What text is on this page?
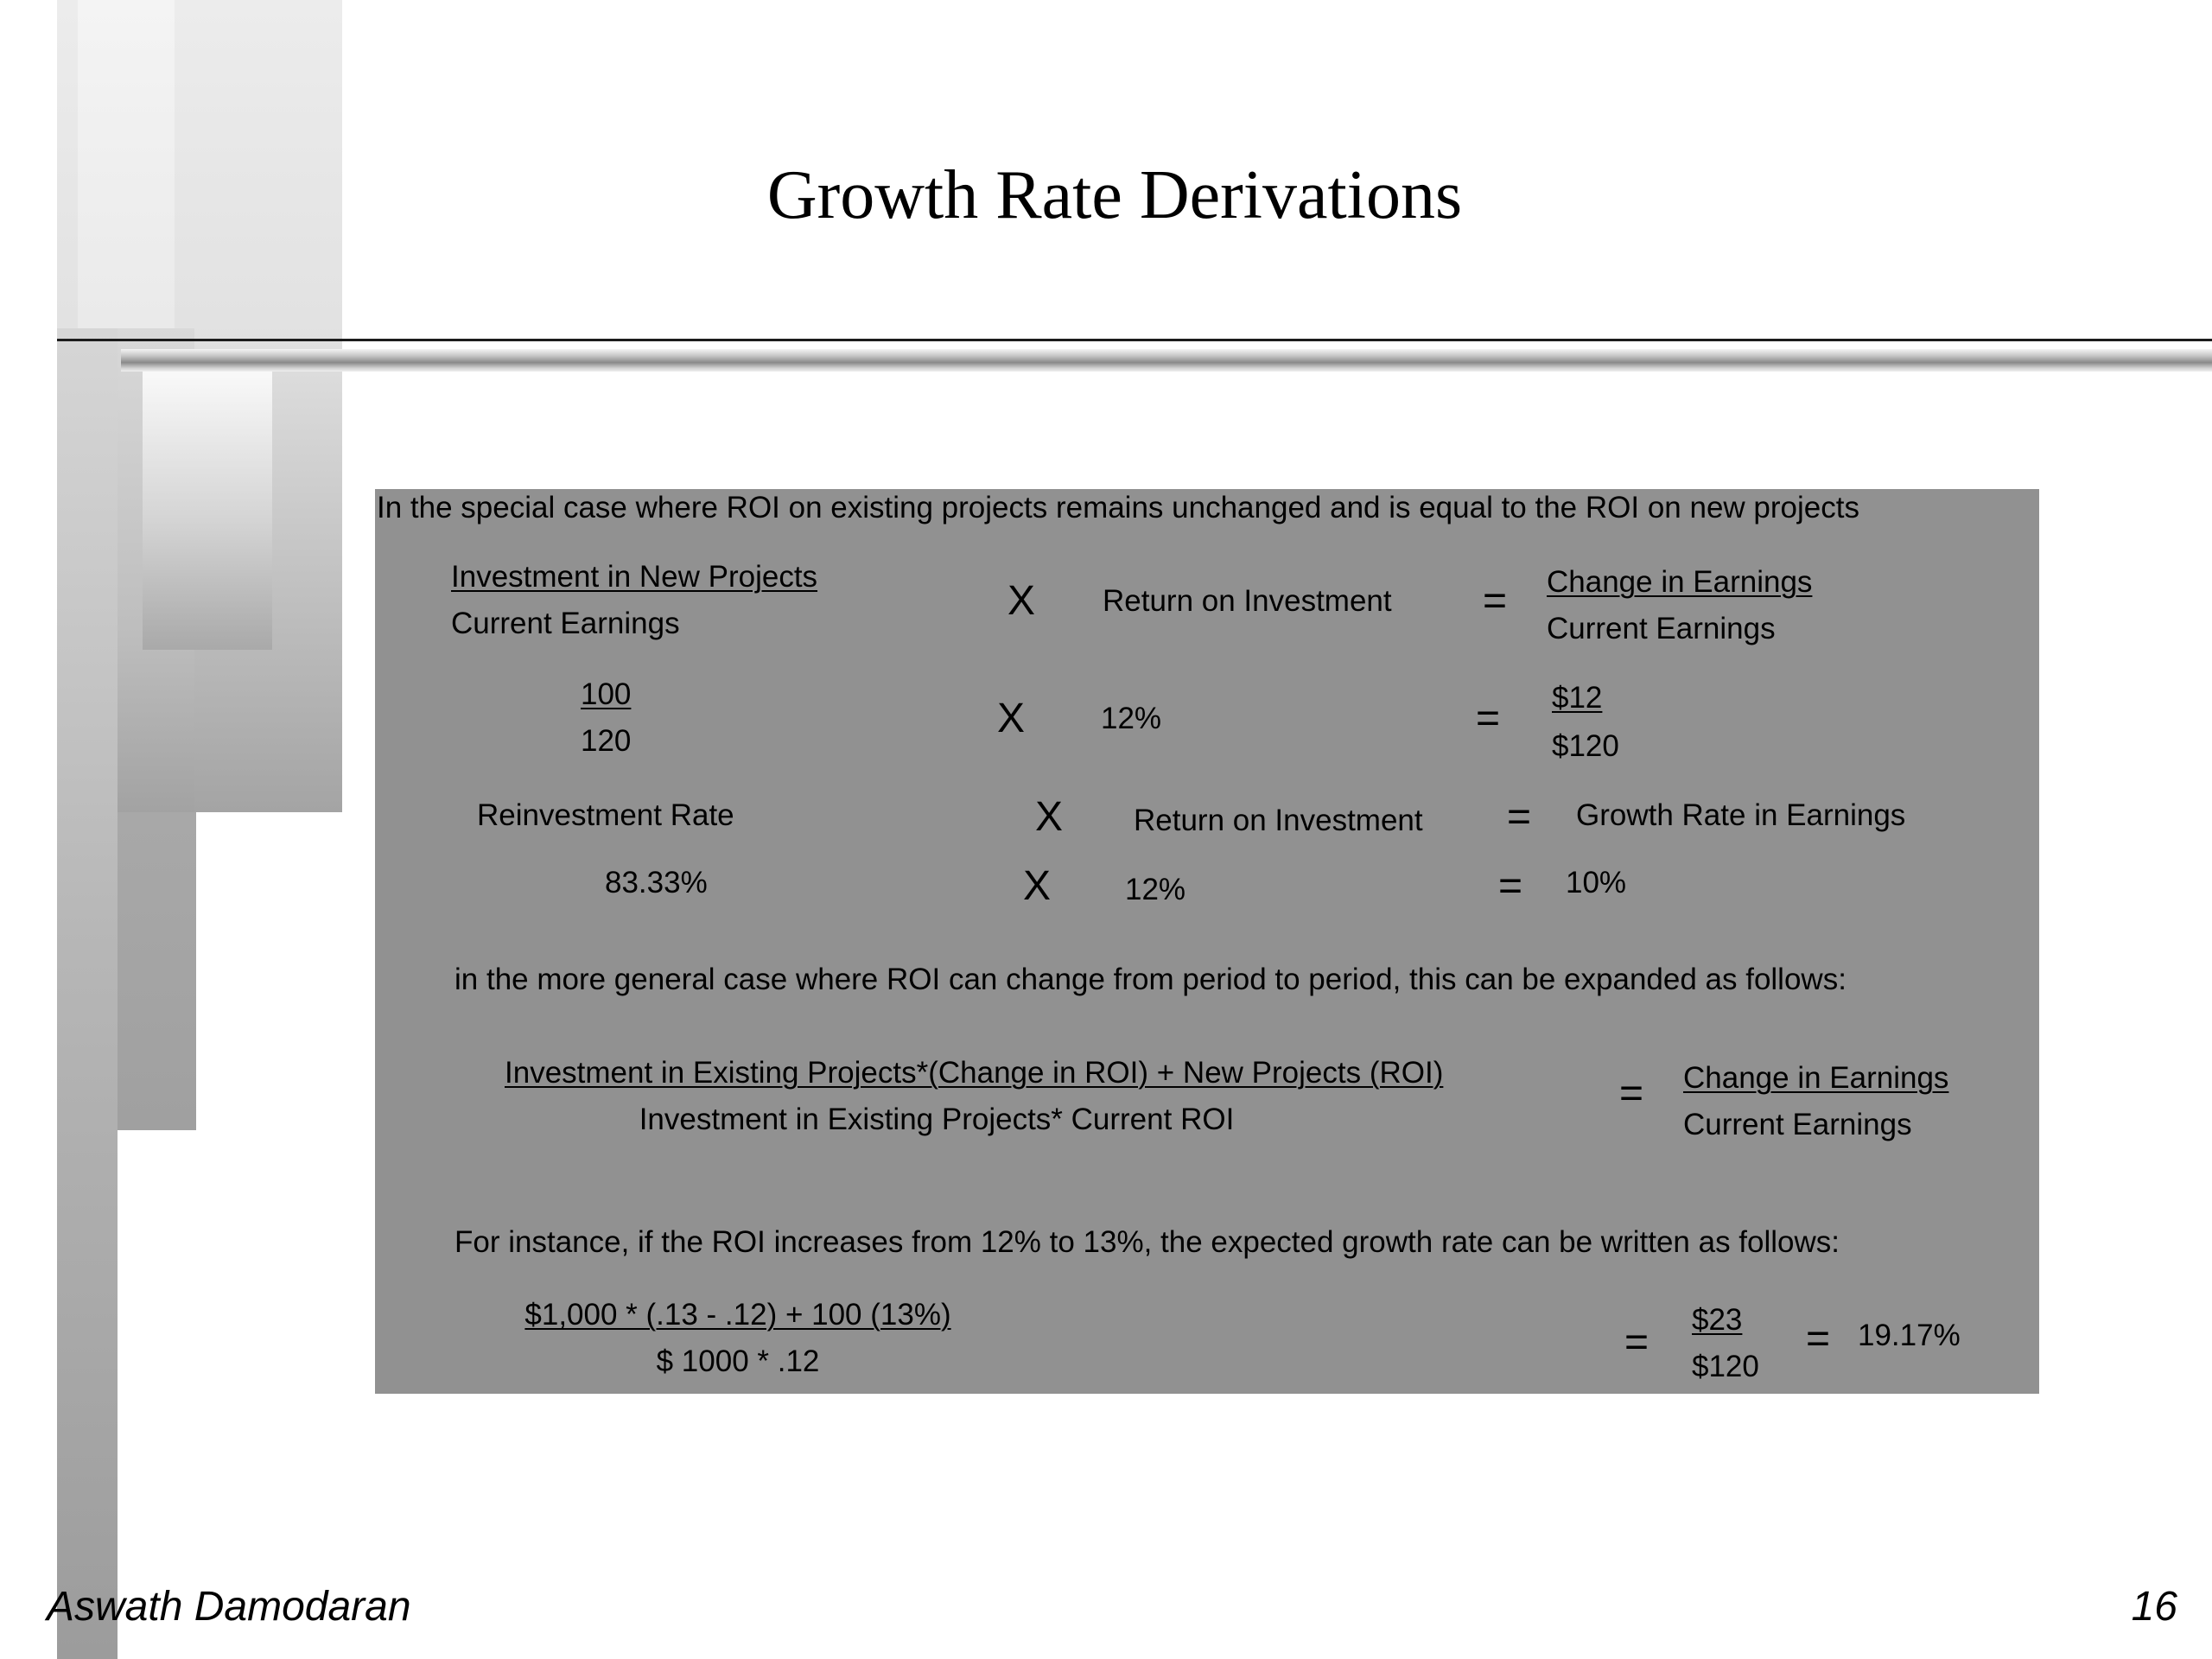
Growth Rate Derivations
In the special case where ROI on existing projects remains unchanged and is equal to the ROI on new projects
Investment in New Projects
Current Earnings	X Return on Investment = Change in Earnings
Current Earnings
100
120	X	12%	= $12
$120
Reinvestment Rate	X Return on Investment = Growth Rate in Earnings
83.33%	X 12%	= 10%
in the more general case where ROI can change from period to period, this can be expanded as follows:
Investment in Existing Projects*(Change in ROI) + New Projects (ROI)
Investment in Existing Projects* Current ROI
= Change in Earnings
Current Earnings
For instance, if the ROI increases from 12% to 13%, the expected growth rate can be written as follows:
$1,000 * (.13 - .12) + 100 (13%)
$ 1000 * .12	= $23
$120
= 19.17%
Aswath Damodaran	16
